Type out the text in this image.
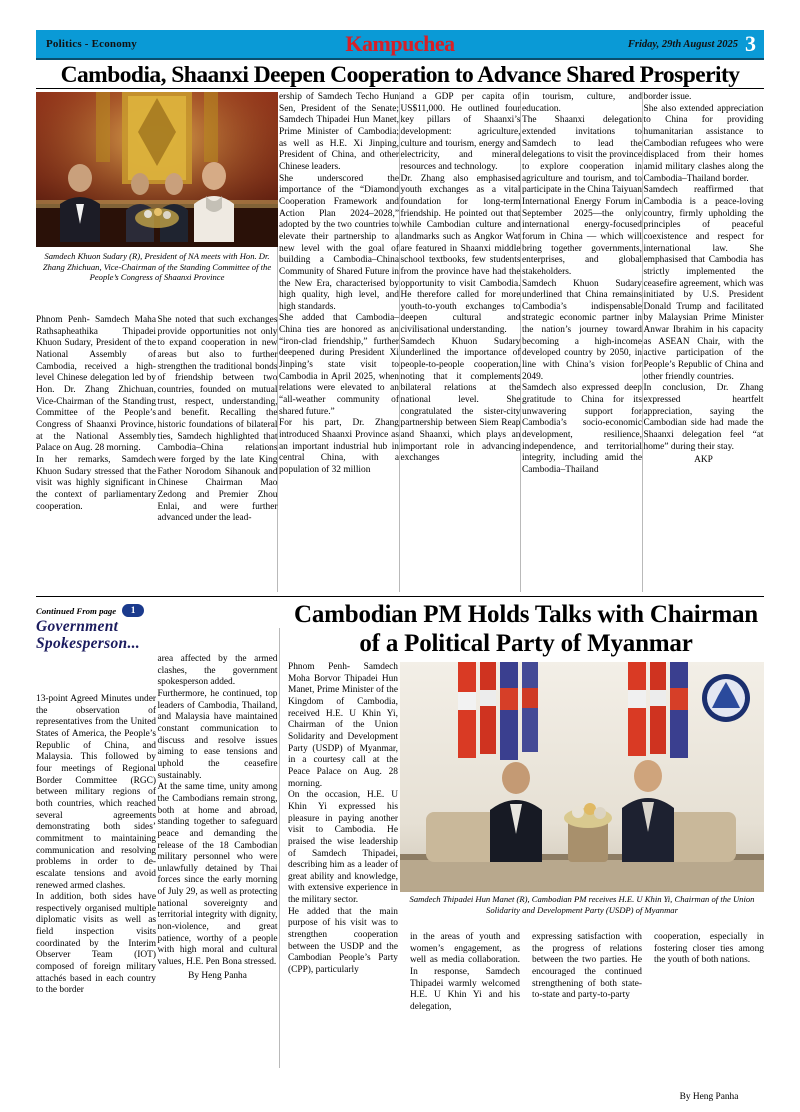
Politics - Economy	Kampuchea	Friday, 29th August 2025 3
Cambodia, Shaanxi Deepen Cooperation to Advance Shared Prosperity
Samdech Khuon Sudary (R), President of NA meets with Hon. Dr. Zhang Zhichuan, Vice-Chairman of the Standing Committee of the People’s Congress of Shaanxi Province

Phnom Penh- Samdech Maha Rathsapheathika Thipadei Khuon Sudary, President of the National Assembly of Cambodia, received a high-level Chinese delegation led by Hon. Dr. Zhang Zhichuan, Vice-Chairman of the Standing Committee of the People’s Congress of Shaanxi Province, at the National Assembly Palace on Aug. 28 morning.

In her remarks, Samdech Khuon Sudary stressed that the visit was highly significant in the context of parliamentary cooperation.

She noted that such exchanges provide opportunities not only to expand cooperation in new areas but also to further strengthen the traditional bonds of friendship between two countries, founded on mutual trust, respect, understanding, and benefit. Recalling the historic foundations of bilateral ties, Samdech highlighted that Cambodia–China relations were forged by the late King Father Norodom Sihanouk and Chinese Chairman Mao Zedong and Premier Zhou Enlai, and were further advanced under the lead-

ership of Samdech Techo Hun Sen, President of the Senate; Samdech Thipadei Hun Manet, Prime Minister of Cambodia; as well as H.E. Xi Jinping, President of China, and other Chinese leaders.

She underscored the importance of the “Diamond Cooperation Framework and Action Plan 2024–2028,” adopted by the two countries to elevate their partnership to a new level with the goal of building a Cambodia–China Community of Shared Future in the New Era, characterised by high quality, high level, and high standards.

She added that Cambodia–China ties are honored as an “iron-clad friendship,” further deepened during President Xi Jinping’s state visit to Cambodia in April 2025, when relations were elevated to an “all-weather community of shared future.”

For his part, Dr. Zhang introduced Shaanxi Province as an important industrial hub in central China, with a population of 32 million

and a GDP per capita of US$11,000. He outlined four key pillars of Shaanxi’s development: agriculture, culture and tourism, energy and electricity, and mineral resources and technology.

Dr. Zhang also emphasised youth exchanges as a vital foundation for long-term friendship. He pointed out that while Cambodian culture and landmarks such as Angkor Wat are featured in Shaanxi middle school textbooks, few students from the province have had the opportunity to visit Cambodia. He therefore called for more youth-to-youth exchanges to deepen cultural and civilisational understanding.

Samdech Khuon Sudary underlined the importance of people-to-people cooperation, noting that it complements bilateral relations at the national level. She congratulated the sister-city partnership between Siem Reap and Shaanxi, which plays an important role in advancing exchanges

in tourism, culture, and education.

The Shaanxi delegation extended invitations to Samdech to lead the delegations to visit the province to explore cooperation in agriculture and tourism, and to participate in the China Taiyuan International Energy Forum in September 2025—the only international energy-focused forum in China — which will bring together governments, enterprises, and global stakeholders.

Samdech Khuon Sudary underlined that China remains Cambodia’s indispensable strategic economic partner in the nation’s journey toward becoming a high-income developed country by 2050, in line with China’s vision for 2049.

Samdech also expressed deep gratitude to China for its unwavering support for Cambodia’s socio-economic development, resilience, independence, and territorial integrity, including amid the Cambodia–Thailand

border issue.

She also extended appreciation to China for providing humanitarian assistance to Cambodian refugees who were displaced from their homes amid military clashes along the Cambodia–Thailand border.

Samdech reaffirmed that Cambodia is a peace-loving country, firmly upholding the principles of peaceful coexistence and respect for international law. She emphasised that Cambodia has strictly implemented the ceasefire agreement, which was initiated by U.S. President Donald Trump and facilitated by Malaysian Prime Minister Anwar Ibrahim in his capacity as ASEAN Chair, with the active participation of the People’s Republic of China and other friendly countries.

In conclusion, Dr. Zhang expressed heartfelt appreciation, saying the Cambodian side had made the Shaanxi delegation feel “at home” during their stay.

AKP
Continued From page	1
Government
Spokesperson...

13-point Agreed Minutes under the observation of representatives from the United States of America, the People’s Republic of China, and Malaysia. This followed by four meetings of Regional Border Committee (RGC) between military regions of both countries, which reached several agreements demonstrating both sides’ commitment to maintaining communication and resolving problems in order to de-escalate tensions and avoid renewed armed clashes.

In addition, both sides have respectively organised multiple diplomatic visits as well as field inspection visits coordinated by the Interim Observer Team (IOT) composed of foreign military attachés based in each country to the border

area affected by the armed clashes, the government spokesperson added.

Furthermore, he continued, top leaders of Cambodia, Thailand, and Malaysia have maintained constant communication to discuss and resolve issues aiming to ease tensions and uphold the ceasefire sustainably.

At the same time, unity among the Cambodians remain strong, both at home and abroad, standing together to safeguard peace and demanding the release of the 18 Cambodian military personnel who were unlawfully detained by Thai forces since the early morning of July 29, as well as protecting national sovereignty and territorial integrity with dignity, non-violence, and great patience, worthy of a people with high moral and cultural values, H.E. Pen Bona stressed.

By Heng Panha
Cambodian PM Holds Talks with Chairman of a Political Party of Myanmar

Phnom Penh- Samdech Moha Borvor Thipadei Hun Manet, Prime Minister of the Kingdom of Cambodia, received H.E. U Khin Yi, Chairman of the Union Solidarity and Development Party (USDP) of Myanmar, in a courtesy call at the Peace Palace on Aug. 28 morning.

On the occasion, H.E. U Khin Yi expressed his pleasure in paying another visit to Cambodia. He praised the wise leadership of Samdech Thipadei, describing him as a leader of great ability and knowledge, with extensive experience in the military sector.

He added that the main purpose of his visit was to strengthen cooperation between the USDP and the Cambodian People’s Party (CPP), particularly

Samdech Thipadei Hun Manet (R), Cambodian PM receives H.E. U Khin Yi, Chairman of the Union Solidarity and Development Party (USDP) of Myanmar

in the areas of youth and women’s engagement, as well as media collaboration. In response, Samdech Thipadei warmly welcomed H.E. U Khin Yi and his delegation,

expressing satisfaction with the progress of relations between the two parties. He encouraged the continued strengthening of both state-to-state and party-to-party

cooperation, especially in fostering closer ties among the youth of both nations.

By Heng Panha
